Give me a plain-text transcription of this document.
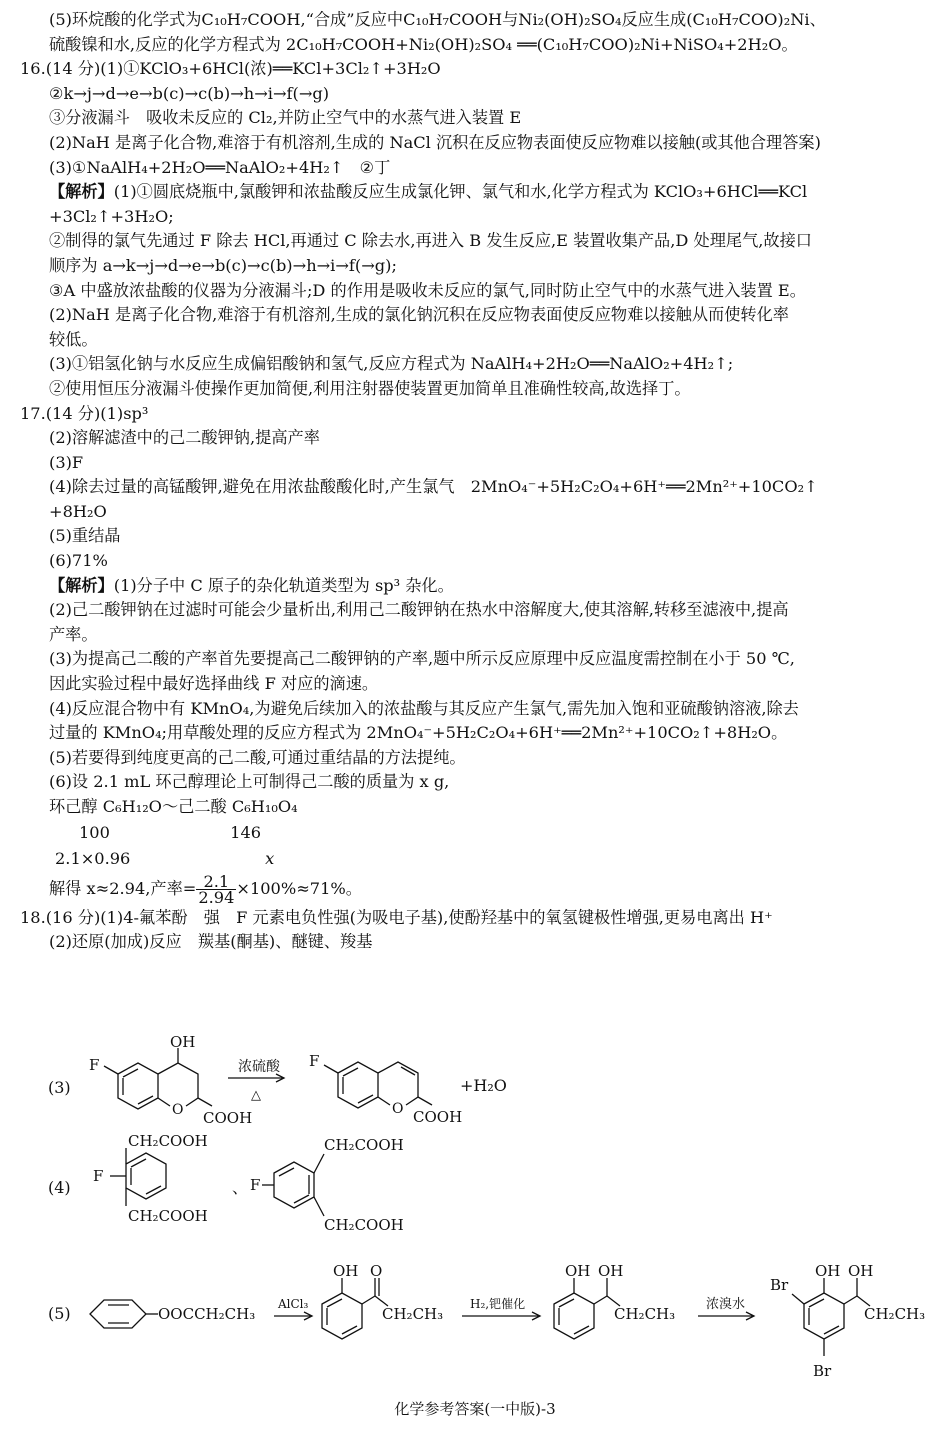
(5)环烷酸的化学式为C₁₀H₇COOH,“合成”反应中C₁₀H₇COOH与Ni₂(OH)₂SO₄反应生成(C₁₀H₇COO)₂Ni、
硫酸镍和水,反应的化学方程式为 2C₁₀H₇COOH+Ni₂(OH)₂SO₄ ══(C₁₀H₇COO)₂Ni+NiSO₄+2H₂O。
16.(14 分)(1)①KClO₃+6HCl(浓)══KCl+3Cl₂↑+3H₂O
②k→j→d→e→b(c)→c(b)→h→i→f(→g)
③分液漏斗　吸收未反应的 Cl₂,并防止空气中的水蒸气进入装置 E
(2)NaH 是离子化合物,难溶于有机溶剂,生成的 NaCl 沉积在反应物表面使反应物难以接触(或其他合理答案)
(3)①NaAlH₄+2H₂O══NaAlO₂+4H₂↑　②丁
【解析】(1)①圆底烧瓶中,氯酸钾和浓盐酸反应生成氯化钾、氯气和水,化学方程式为 KClO₃+6HCl══KCl
+3Cl₂↑+3H₂O;
②制得的氯气先通过 F 除去 HCl,再通过 C 除去水,再进入 B 发生反应,E 装置收集产品,D 处理尾气,故接口
顺序为 a→k→j→d→e→b(c)→c(b)→h→i→f(→g);
③A 中盛放浓盐酸的仪器为分液漏斗;D 的作用是吸收未反应的氯气,同时防止空气中的水蒸气进入装置 E。
(2)NaH 是离子化合物,难溶于有机溶剂,生成的氯化钠沉积在反应物表面使反应物难以接触从而使转化率
较低。
(3)①铝氢化钠与水反应生成偏铝酸钠和氢气,反应方程式为 NaAlH₄+2H₂O══NaAlO₂+4H₂↑;
②使用恒压分液漏斗使操作更加简便,利用注射器使装置更加简单且准确性较高,故选择丁。
17.(14 分)(1)sp³
(2)溶解滤渣中的己二酸钾钠,提高产率
(3)F
(4)除去过量的高锰酸钾,避免在用浓盐酸酸化时,产生氯气　2MnO₄⁻+5H₂C₂O₄+6H⁺══2Mn²⁺+10CO₂↑
+8H₂O
(5)重结晶
(6)71%
【解析】(1)分子中 C 原子的杂化轨道类型为 sp³ 杂化。
(2)己二酸钾钠在过滤时可能会少量析出,利用己二酸钾钠在热水中溶解度大,使其溶解,转移至滤液中,提高
产率。
(3)为提高己二酸的产率首先要提高己二酸钾钠的产率,题中所示反应原理中反应温度需控制在小于 50 ℃,
因此实验过程中最好选择曲线 F 对应的滴速。
(4)反应混合物中有 KMnO₄,为避免后续加入的浓盐酸与其反应产生氯气,需先加入饱和亚硫酸钠溶液,除去
过量的 KMnO₄;用草酸处理的反应方程式为 2MnO₄⁻+5H₂C₂O₄+6H⁺══2Mn²⁺+10CO₂↑+8H₂O。
(5)若要得到纯度更高的己二酸,可通过重结晶的方法提纯。
(6)设 2.1 mL 环己醇理论上可制得己二酸的质量为 x g,
环己醇 C₆H₁₂O～己二酸 C₆H₁₀O₄
100	146
2.1×0.96	x
解得 x≈2.94,产率= $\frac{2.1}{2.94} \times 100\%\approx 71\%$。
18.(16 分)(1)4-氟苯酚　强　F 元素电负性强(为吸电子基),使酚羟基中的氧氢键极性增强,更易电离出 H⁺
(2)还原(加成)反应　羰基(酮基)、醚键、羧基
(3)
OH
F
O COOH
浓硫酸
△
F
O COOH
+H₂O
(4)
CH₂COOH
F
CH₂COOH
、
CH₂COOH
F
CH₂COOH
(5)	OOCCH₂CH₃
AlCl₃
OH O
CH₂CH₃
H₂,钯催化
OH OH
CH₂CH₃
浓溴水
OH OH
Br
Br
CH₂CH₃
化学参考答案(一中版)-3
